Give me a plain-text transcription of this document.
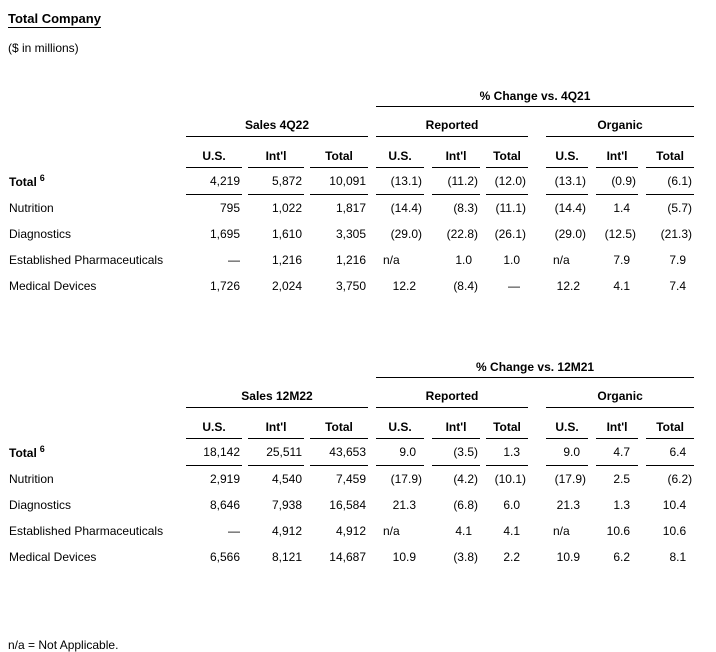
Total Company
($ in millions)
							% Change vs. 4Q21										
	Sales 4Q22						Reported						Organic				
	U.S.		Int'l		Total		U.S.		Int'l		Total		U.S.		Int'l		Total
Total $^6$	4,219		5,872		10,091		(13.1)		(11.2)		(12.0)		(13.1)		(0.9)		(6.1)
Nutrition	795		1,022		1,817		(14.4)		(8.3)		(11.1)		(14.4)		1.4		(5.7)
Diagnostics	1,695		1,610		3,305		(29.0)		(22.8)		(26.1)		(29.0)		(12.5)		(21.3)
Established Pharmaceuticals	—		1,216		1,216		n/a		1.0		1.0		n/a		7.9		7.9
Medical Devices	1,726		2,024		3,750		12.2		(8.4)		—		12.2		4.1		7.4
							% Change vs. 12M21										
	Sales 12M22						Reported						Organic				
	U.S.		Int'l		Total		U.S.		Int'l		Total		U.S.		Int'l		Total
Total $^6$	18,142		25,511		43,653		9.0		(3.5)		1.3		9.0		4.7		6.4
Nutrition	2,919		4,540		7,459		(17.9)		(4.2)		(10.1)		(17.9)		2.5		(6.2)
Diagnostics	8,646		7,938		16,584		21.3		(6.8)		6.0		21.3		1.3		10.4
Established Pharmaceuticals	—		4,912		4,912		n/a		4.1		4.1		n/a		10.6		10.6
Medical Devices	6,566		8,121		14,687		10.9		(3.8)		2.2		10.9		6.2		8.1
n/a = Not Applicable.
